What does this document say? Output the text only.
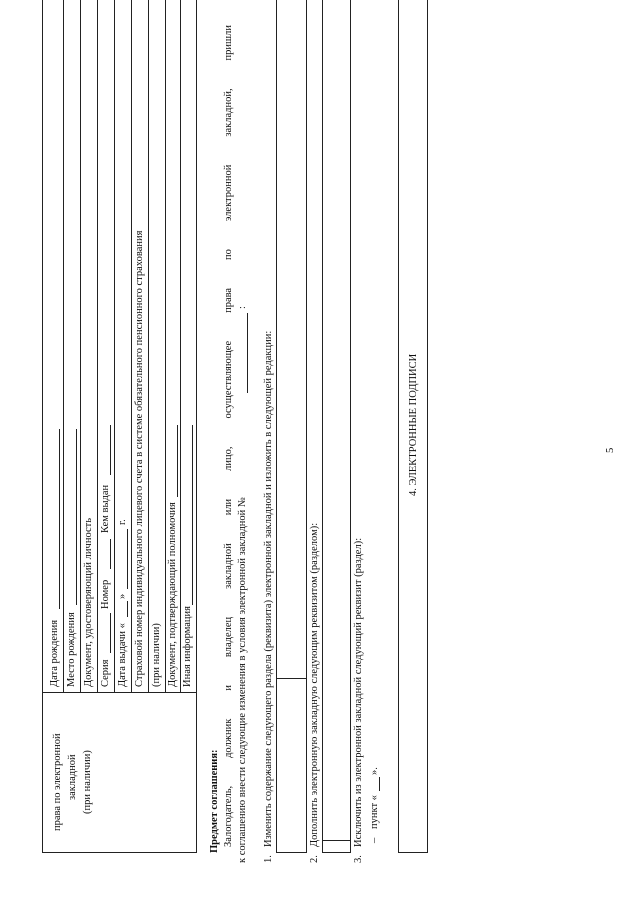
5
права по электронной закладной (при наличии)
Дата рождения Место рождения Документ, удостоверяющий личность Серия
Номер
Кем выдан
Дата выдачи «
»
г. Страховой номер индивидуального лицевого счета в системе обязательного пенсионного страхования (при наличии) Документ, подтверждающий полномочия Иная информация
Предмет соглашения: Залогодатель, должник и владелец закладной или лицо, осуществляющее права по электронной закладной, пришли к соглашению внести следующие изменения в условия электронной закладной №
:
1.
Изменить содержание следующего раздела (реквизита) электронной закладной и изложить в следующей редакции:
2.
Дополнить электронную закладную следующим реквизитом (разделом):
3.
Исключить из электронной закладной следующий реквизит (раздел): –
пункт «
».
4. ЭЛЕКТРОННЫЕ ПОДПИСИ
